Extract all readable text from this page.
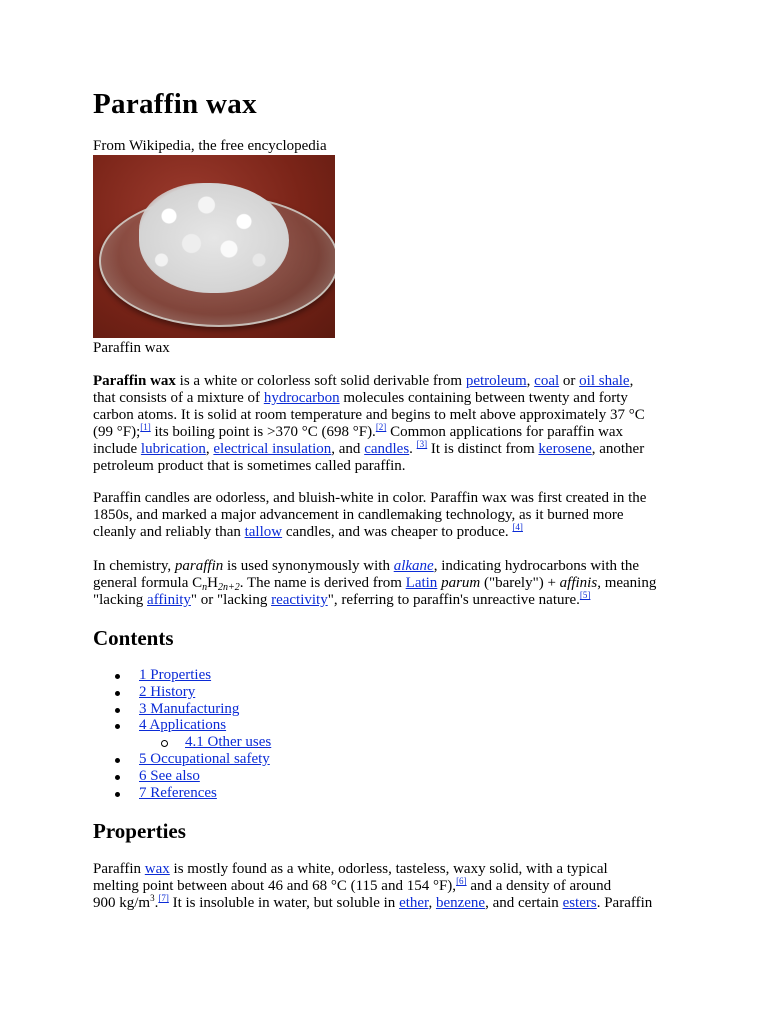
Paraffin wax

From Wikipedia, the free encyclopedia

Paraffin wax

Paraffin wax is a white or colorless soft solid derivable from petroleum, coal or oil shale,
that consists of a mixture of hydrocarbon molecules containing between twenty and forty
carbon atoms. It is solid at room temperature and begins to melt above approximately 37 °C
(99 °F);[1] its boiling point is >370 °C (698 °F).[2] Common applications for paraffin wax
include lubrication, electrical insulation, and candles. [3] It is distinct from kerosene, another
petroleum product that is sometimes called paraffin.

Paraffin candles are odorless, and bluish-white in color. Paraffin wax was first created in the
1850s, and marked a major advancement in candlemaking technology, as it burned more
cleanly and reliably than tallow candles, and was cheaper to produce. [4]

In chemistry, paraffin is used synonymously with alkane, indicating hydrocarbons with the
general formula $C_nH_{2n+2}$. The name is derived from Latin parum ("barely") + affinis, meaning
"lacking affinity" or "lacking reactivity", referring to paraffin's unreactive nature.[5]

Contents
1 Properties
2 History
3 Manufacturing
4 Applications
4.1 Other uses
5 Occupational safety
6 See also
7 References
Properties

Paraffin wax is mostly found as a white, odorless, tasteless, waxy solid, with a typical
melting point between about 46 and 68 °C (115 and 154 °F),[6] and a density of around
900 $kg/m^3.[7]$ It is insoluble in water, but soluble in ether, benzene, and certain esters. Paraffin
